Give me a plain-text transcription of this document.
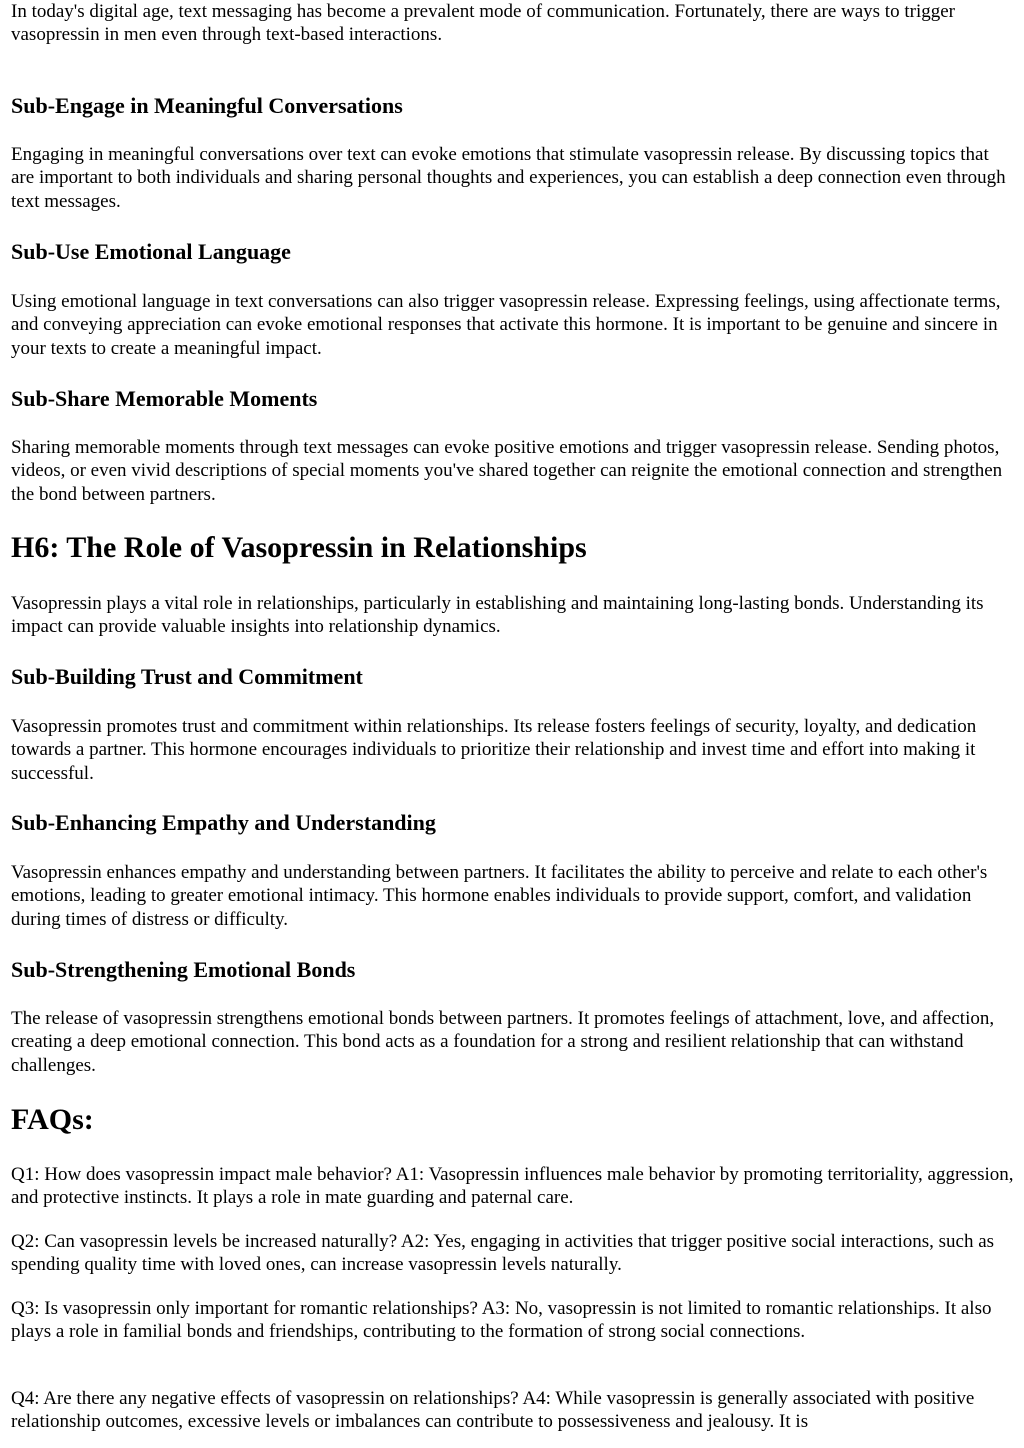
In today's digital age, text messaging has become a prevalent mode of communication. Fortunately, there are ways to trigger vasopressin in men even through text-based interactions.

Sub-Engage in Meaningful Conversations

Engaging in meaningful conversations over text can evoke emotions that stimulate vasopressin release. By discussing topics that are important to both individuals and sharing personal thoughts and experiences, you can establish a deep connection even through text messages.

Sub-Use Emotional Language

Using emotional language in text conversations can also trigger vasopressin release. Expressing feelings, using affectionate terms, and conveying appreciation can evoke emotional responses that activate this hormone. It is important to be genuine and sincere in your texts to create a meaningful impact.

Sub-Share Memorable Moments

Sharing memorable moments through text messages can evoke positive emotions and trigger vasopressin release. Sending photos, videos, or even vivid descriptions of special moments you've shared together can reignite the emotional connection and strengthen the bond between partners.

H6: The Role of Vasopressin in Relationships

Vasopressin plays a vital role in relationships, particularly in establishing and maintaining long-lasting bonds. Understanding its impact can provide valuable insights into relationship dynamics.

Sub-Building Trust and Commitment

Vasopressin promotes trust and commitment within relationships. Its release fosters feelings of security, loyalty, and dedication towards a partner. This hormone encourages individuals to prioritize their relationship and invest time and effort into making it successful.

Sub-Enhancing Empathy and Understanding

Vasopressin enhances empathy and understanding between partners. It facilitates the ability to perceive and relate to each other's emotions, leading to greater emotional intimacy. This hormone enables individuals to provide support, comfort, and validation during times of distress or difficulty.

Sub-Strengthening Emotional Bonds

The release of vasopressin strengthens emotional bonds between partners. It promotes feelings of attachment, love, and affection, creating a deep emotional connection. This bond acts as a foundation for a strong and resilient relationship that can withstand challenges.

FAQs:

Q1: How does vasopressin impact male behavior? A1: Vasopressin influences male behavior by promoting territoriality, aggression, and protective instincts. It plays a role in mate guarding and paternal care.

Q2: Can vasopressin levels be increased naturally? A2: Yes, engaging in activities that trigger positive social interactions, such as spending quality time with loved ones, can increase vasopressin levels naturally.

Q3: Is vasopressin only important for romantic relationships? A3: No, vasopressin is not limited to romantic relationships. It also plays a role in familial bonds and friendships, contributing to the formation of strong social connections.

Q4: Are there any negative effects of vasopressin on relationships? A4: While vasopressin is generally associated with positive relationship outcomes, excessive levels or imbalances can contribute to possessiveness and jealousy. It is
